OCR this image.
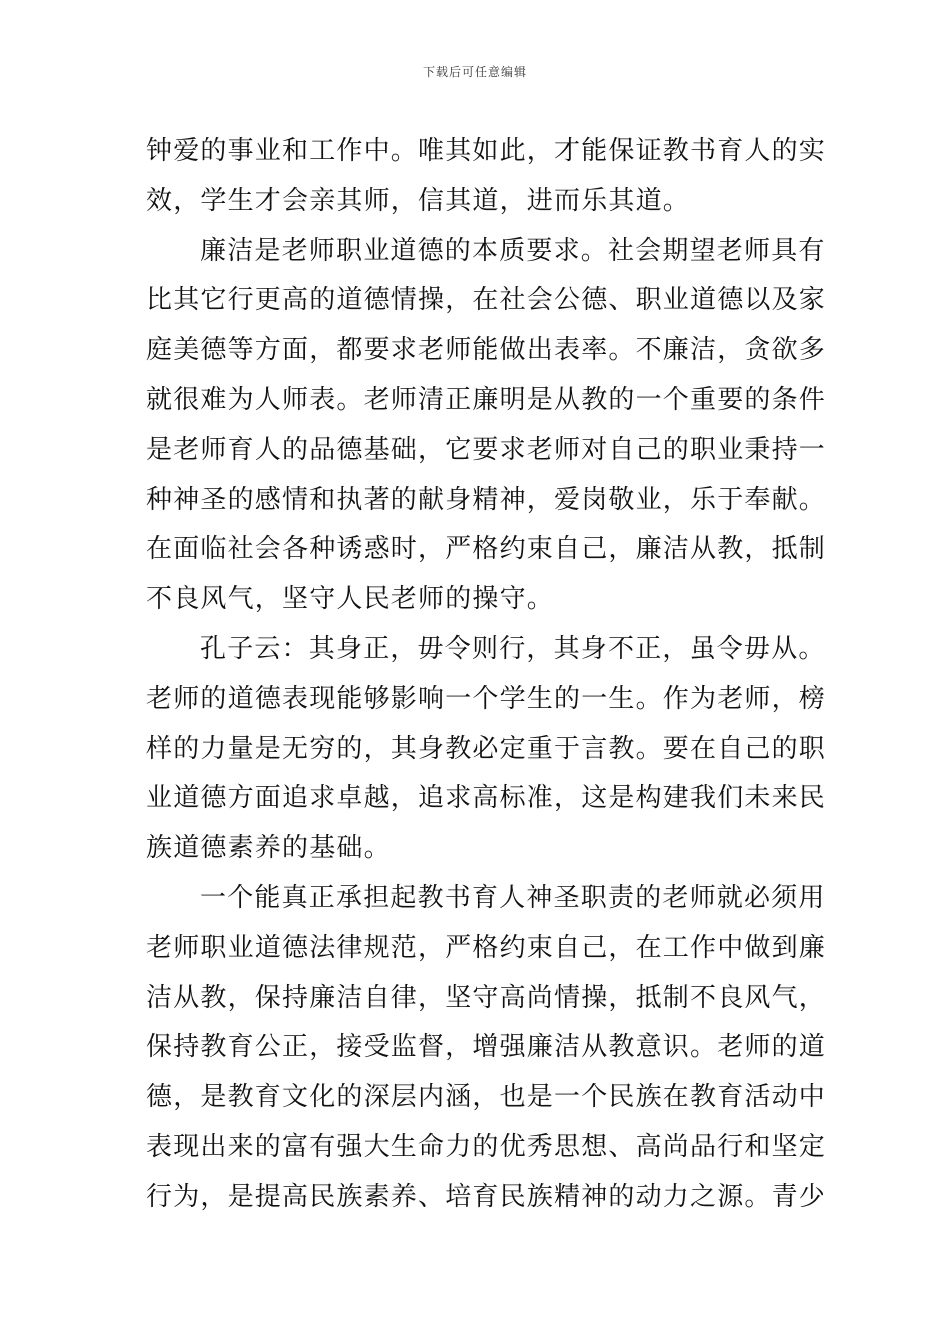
下载后可任意编辑
钟爱的事业和工作中。唯其如此，才能保证教书育人的实
效，学生才会亲其师，信其道，进而乐其道。
廉洁是老师职业道德的本质要求。社会期望老师具有
比其它行更高的道德情操，在社会公德、职业道德以及家
庭美德等方面，都要求老师能做出表率。不廉洁，贪欲多
就很难为人师表。老师清正廉明是从教的一个重要的条件
是老师育人的品德基础，它要求老师对自己的职业秉持一
种神圣的感情和执著的献身精神，爱岗敬业，乐于奉献。
在面临社会各种诱惑时，严格约束自己，廉洁从教，抵制
不良风气，坚守人民老师的操守。
孔子云：其身正，毋令则行，其身不正，虽令毋从。
老师的道德表现能够影响一个学生的一生。作为老师，榜
样的力量是无穷的，其身教必定重于言教。要在自己的职
业道德方面追求卓越，追求高标准，这是构建我们未来民
族道德素养的基础。
一个能真正承担起教书育人神圣职责的老师就必须用
老师职业道德法律规范，严格约束自己，在工作中做到廉
洁从教，保持廉洁自律，坚守高尚情操，抵制不良风气，
保持教育公正，接受监督，增强廉洁从教意识。老师的道
德，是教育文化的深层内涵，也是一个民族在教育活动中
表现出来的富有强大生命力的优秀思想、高尚品行和坚定
行为，是提高民族素养、培育民族精神的动力之源。青少
